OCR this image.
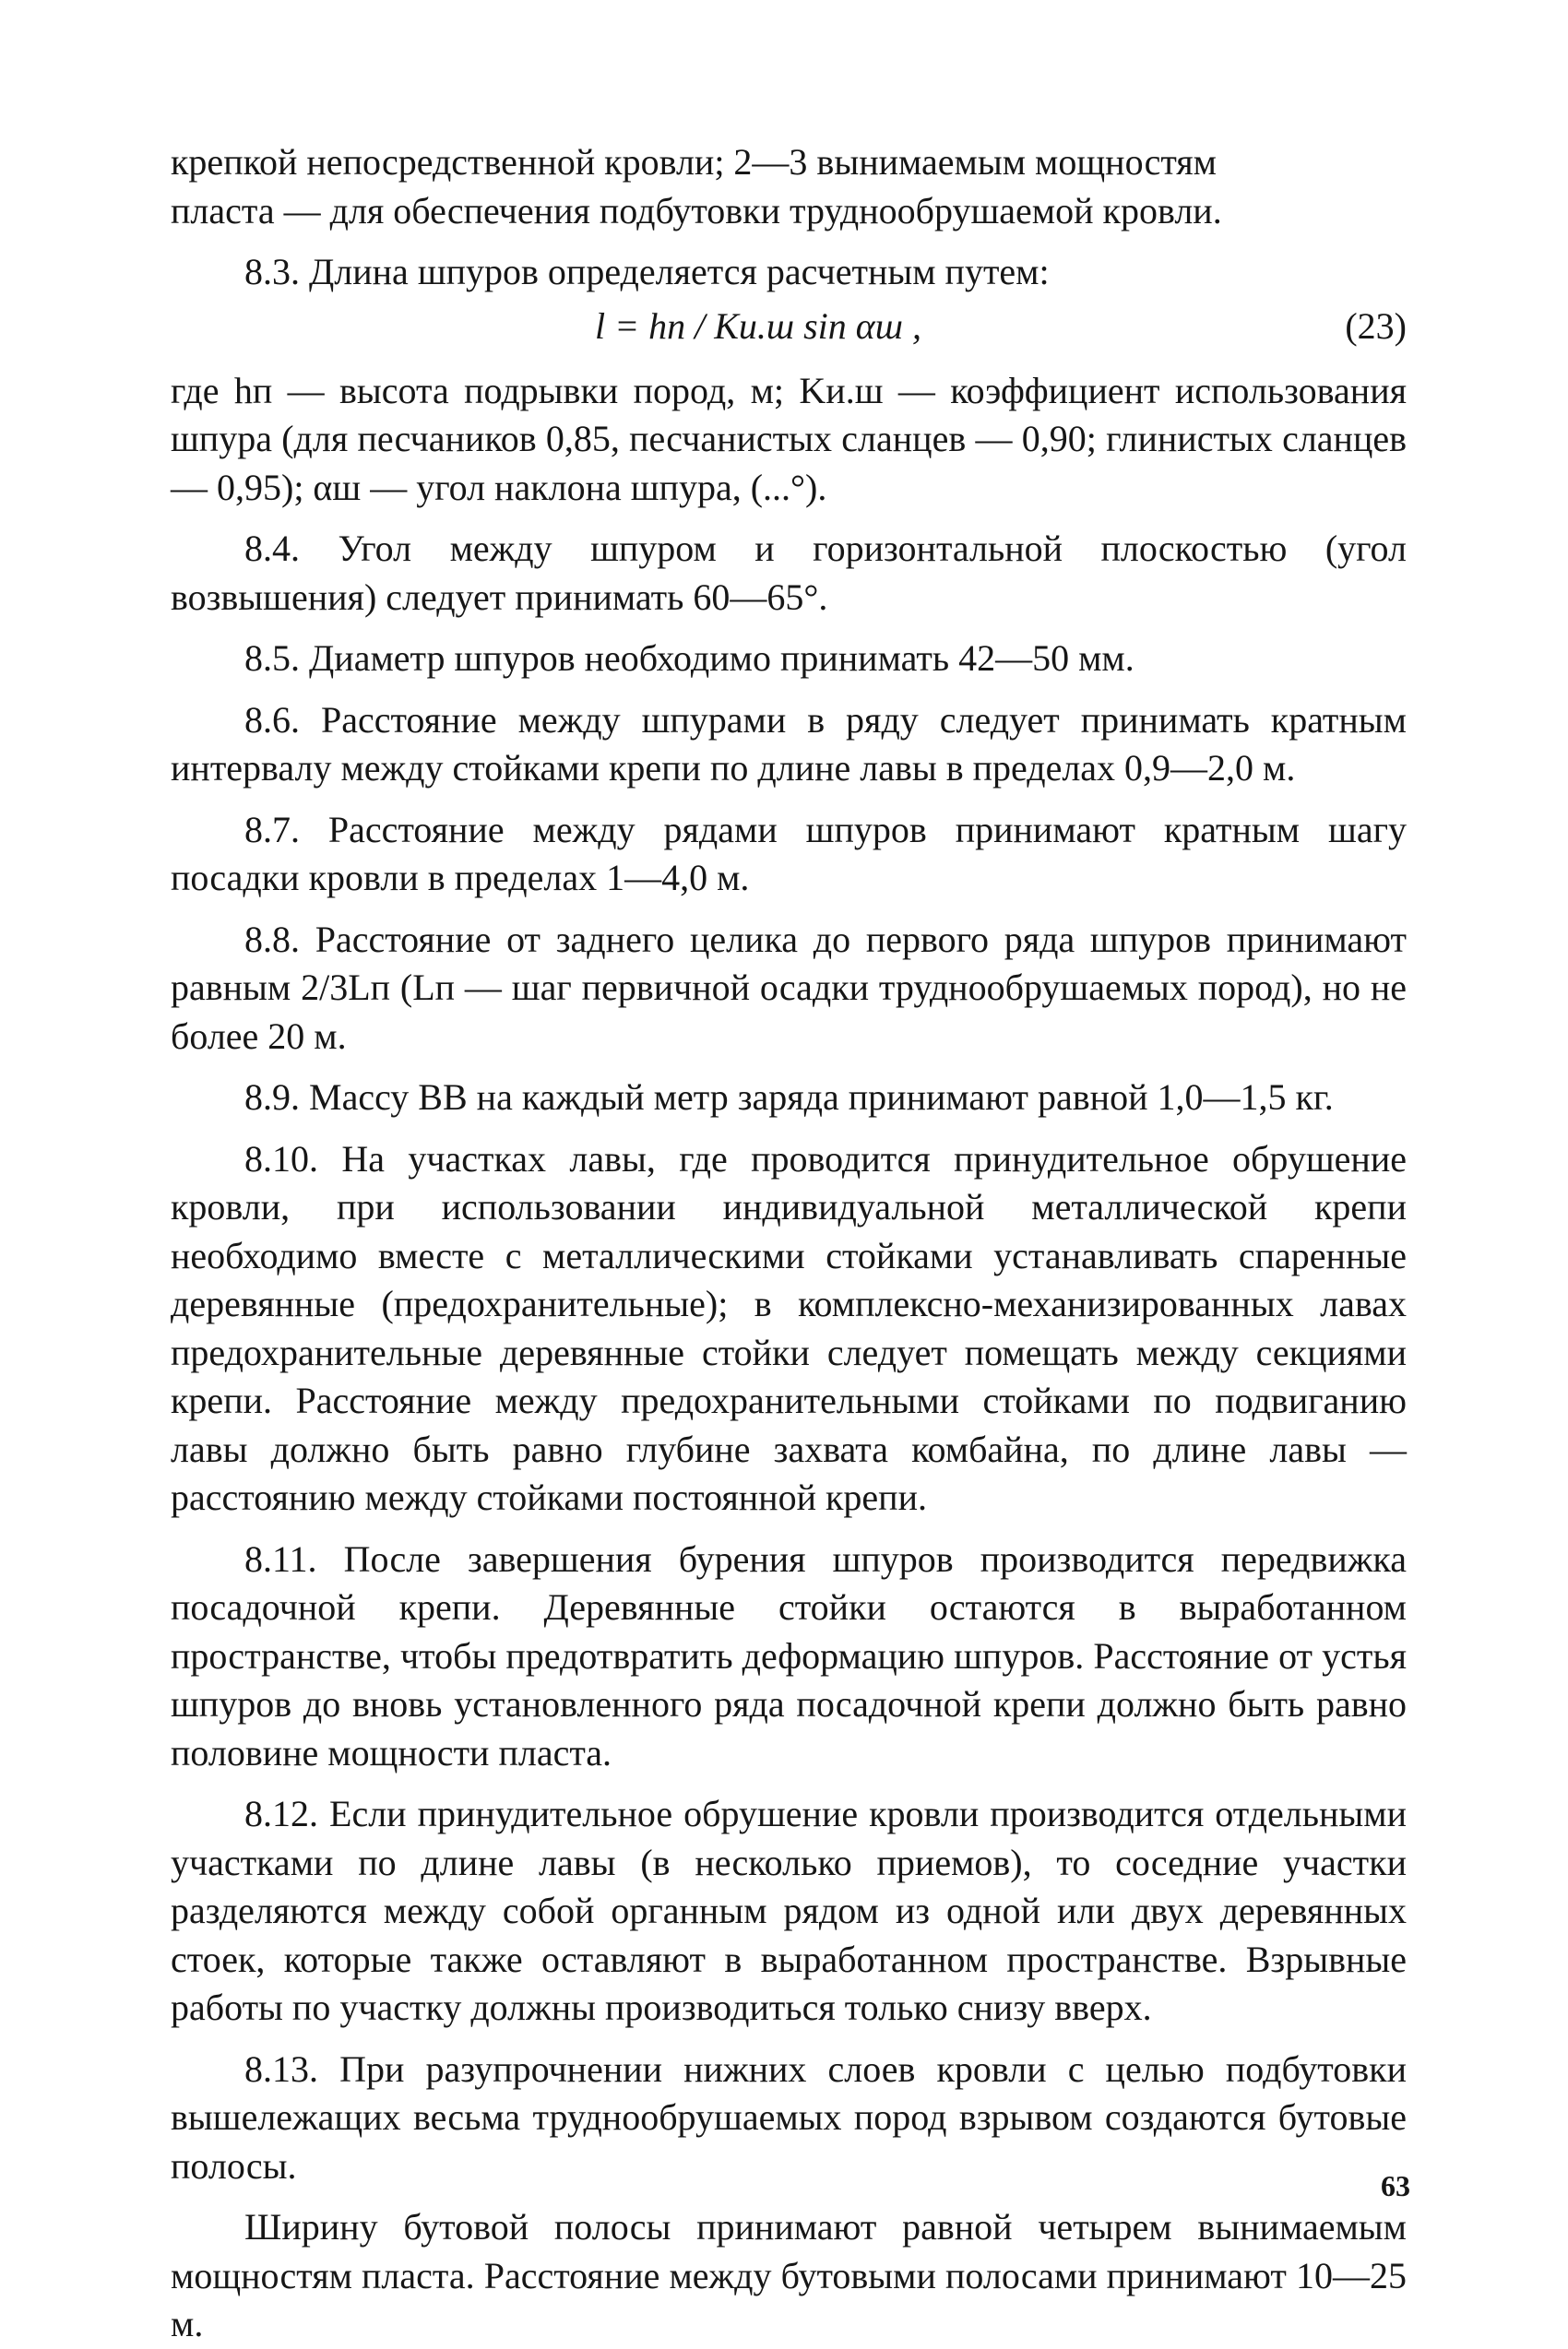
крепкой непосредственной кровли; 2—3 вынимаемым мощностям

пласта — для обеспечения подбутовки труднообрушаемой кровли.

8.3. Длина шпуров определяется расчетным путем:

l = hп / Kи.ш sin αш ,	(23)

где hп — высота подрывки пород, м; Kи.ш — коэффициент использования шпура (для песчаников 0,85, песчанистых сланцев — 0,90; глинистых сланцев — 0,95); αш — угол наклона шпура, (...°).

8.4. Угол между шпуром и горизонтальной плоскостью (угол возвышения) следует принимать 60—65°.

8.5. Диаметр шпуров необходимо принимать 42—50 мм.

8.6. Расстояние между шпурами в ряду следует принимать кратным интервалу между стойками крепи по длине лавы в пределах 0,9—2,0 м.

8.7. Расстояние между рядами шпуров принимают кратным шагу посадки кровли в пределах 1—4,0 м.

8.8. Расстояние от заднего целика до первого ряда шпуров принимают равным 2/3Lп (Lп — шаг первичной осадки труднообрушаемых пород), но не более 20 м.

8.9. Массу ВВ на каждый метр заряда принимают равной 1,0—1,5 кг.

8.10. На участках лавы, где проводится принудительное обрушение кровли, при использовании индивидуальной металлической крепи необходимо вместе с металлическими стойками устанавливать спаренные деревянные (предохранительные); в комплексно-механизированных лавах предохранительные деревянные стойки следует помещать между секциями крепи. Расстояние между предохранительными стойками по подвиганию лавы должно быть равно глубине захвата комбайна, по длине лавы — расстоянию между стойками постоянной крепи.

8.11. После завершения бурения шпуров производится передвижка посадочной крепи. Деревянные стойки остаются в выработанном пространстве, чтобы предотвратить деформацию шпуров. Расстояние от устья шпуров до вновь установленного ряда посадочной крепи должно быть равно половине мощности пласта.

8.12. Если принудительное обрушение кровли производится отдельными участками по длине лавы (в несколько приемов), то соседние участки разделяются между собой органным рядом из одной или двух деревянных стоек, которые также оставляют в выработанном пространстве. Взрывные работы по участку должны производиться только снизу вверх.

8.13. При разупрочнении нижних слоев кровли с целью подбутовки вышележащих весьма труднообрушаемых пород взрывом создаются бутовые полосы.

Ширину бутовой полосы принимают равной четырем вынимаемым мощностям пласта. Расстояние между бутовыми полосами принимают 10—25 м.

63
